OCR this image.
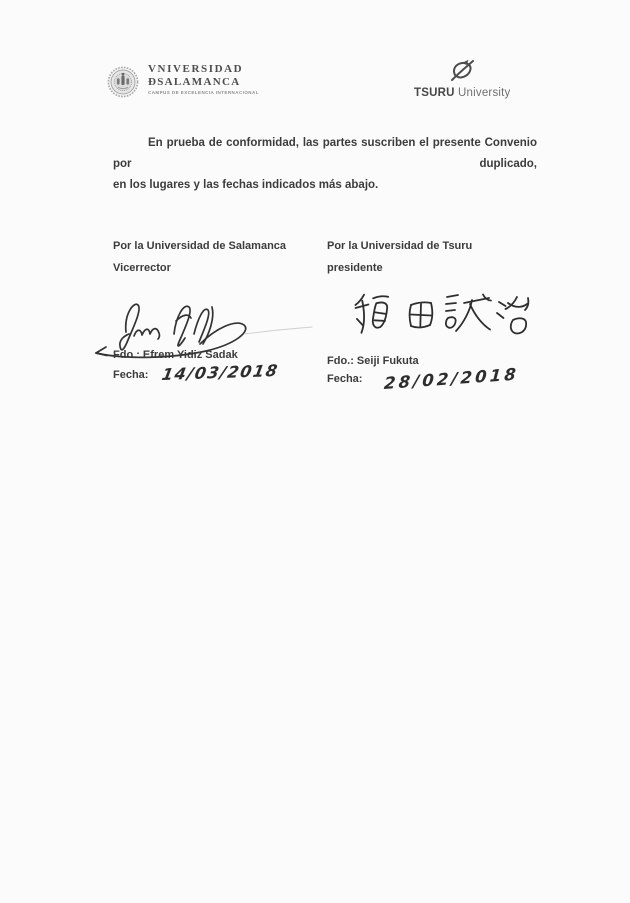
VNIVERSIDAD
ĐSALAMANCA
CAMPUS DE EXCELENCIA INTERNACIONAL	TSURU University
En prueba de conformidad, las partes suscriben el presente Convenio por duplicado,
en los lugares y las fechas indicados más abajo.
Por la Universidad de Salamanca	Por la Universidad de Tsuru
Vicerrector	presidente
Fdo.: Efrem Yidiz Sadak	Fdo.: Seiji Fukuta
Fecha: 14/03/2018	Fecha: 28/02/2018
